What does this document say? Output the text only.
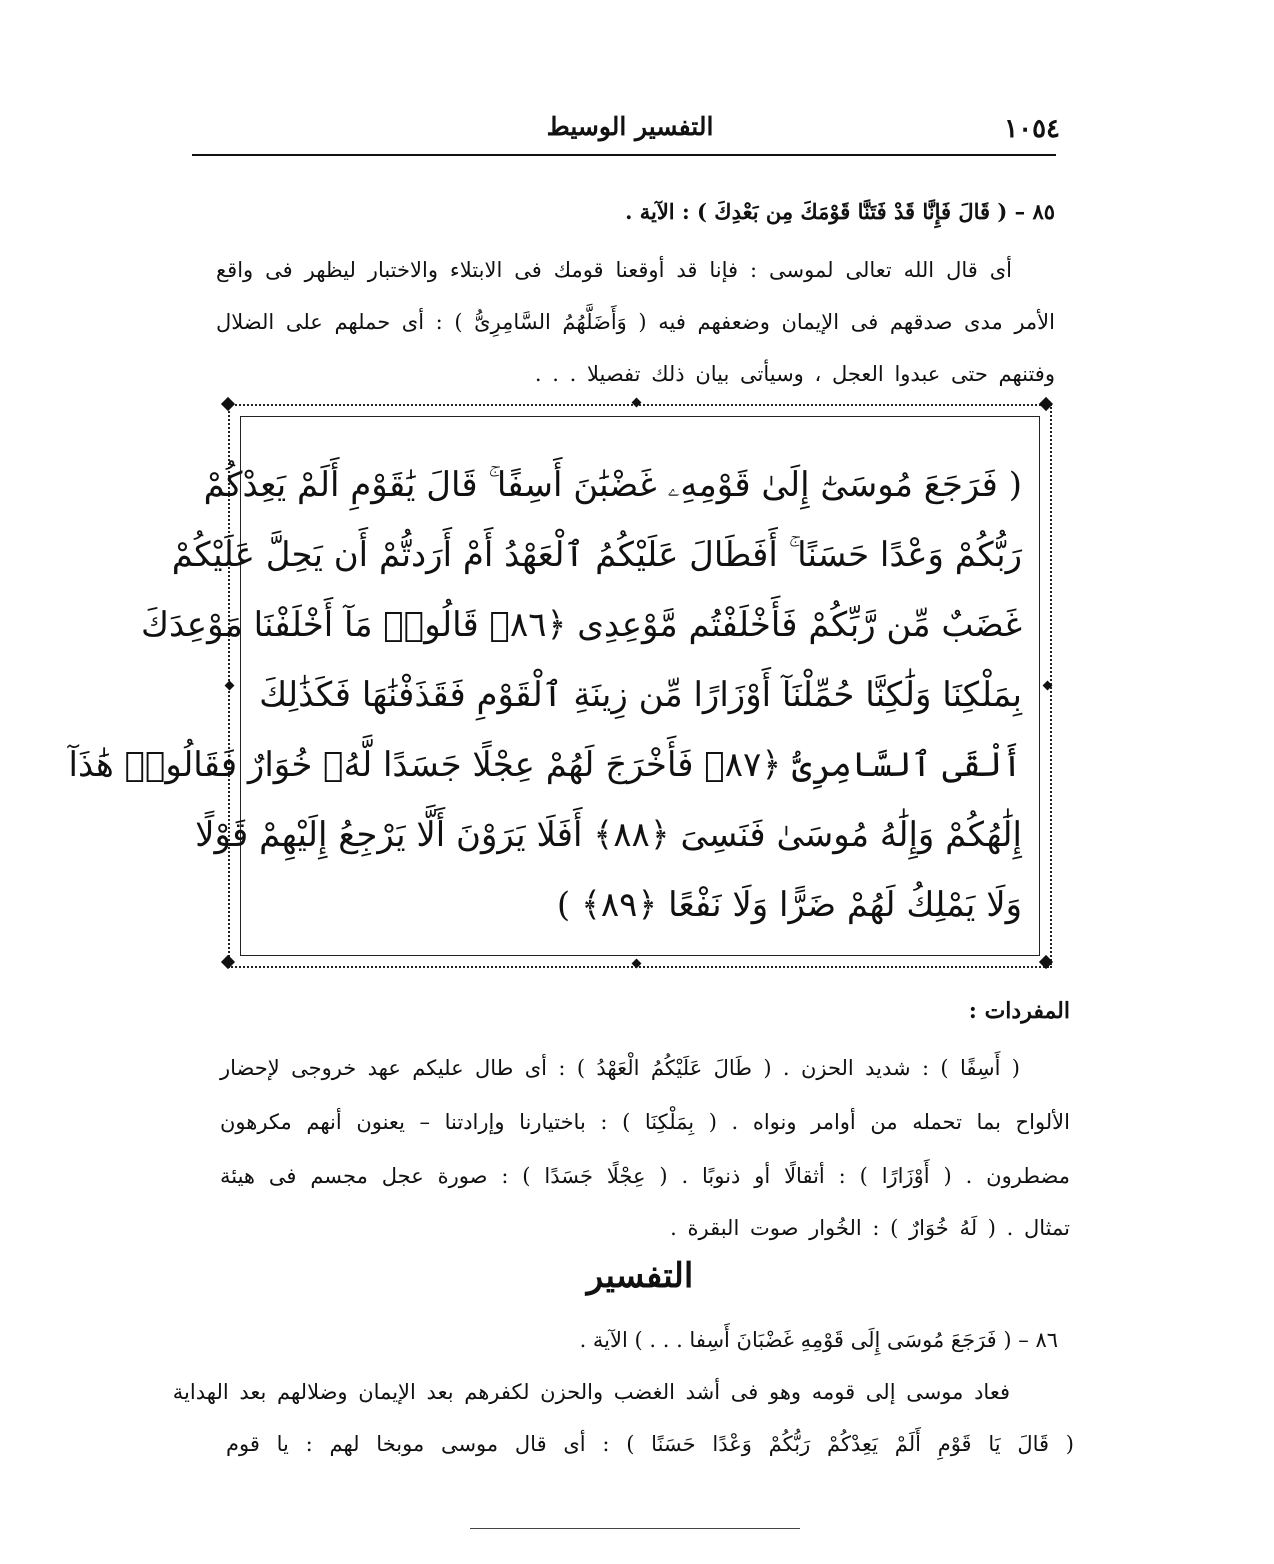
التفسير الوسيط	١٠٥٤
٨٥ – ( قَالَ فَإِنَّا قَدْ فَتَنَّا قَوْمَكَ مِن بَعْدِكَ ) : الآية .
أى قال الله تعالى لموسى : فإنا قد أوقعنا قومك فى الابتلاء والاختبار ليظهر فى واقع
الأمر مدى صدقهم فى الإيمان وضعفهم فيه ( وَأَضَلَّهُمُ السَّامِرِىُّ ) : أى حملهم على الضلال
وفتنهم حتى عبدوا العجل ، وسيأتى بيان ذلك تفصيلا . . .
( فَرَجَعَ مُوسَىٰٓ إِلَىٰ قَوْمِهِۦ غَضْبَٰنَ أَسِفًا ۚ قَالَ يَٰقَوْمِ أَلَمْ يَعِدْكُمْ
رَبُّكُمْ وَعْدًا حَسَنًا ۚ أَفَطَالَ عَلَيْكُمُ ٱلْعَهْدُ أَمْ أَرَدتُّمْ أَن يَحِلَّ عَلَيْكُمْ
غَضَبٌ مِّن رَّبِّكُمْ فَأَخْلَفْتُم مَّوْعِدِى ﴿٨٦﴾ قَالُوا۟ مَآ أَخْلَفْنَا مَوْعِدَكَ
بِمَلْكِنَا وَلَٰكِنَّا حُمِّلْنَآ أَوْزَارًا مِّن زِينَةِ ٱلْقَوْمِ فَقَذَفْنَٰهَا فَكَذَٰلِكَ
أَلْقَى ٱلسَّامِرِىُّ ﴿٨٧﴾ فَأَخْرَجَ لَهُمْ عِجْلًا جَسَدًا لَّهُۥ خُوَارٌ فَقَالُوا۟ هَٰذَآ
إِلَٰهُكُمْ وَإِلَٰهُ مُوسَىٰ فَنَسِىَ ﴿٨٨﴾ أَفَلَا يَرَوْنَ أَلَّا يَرْجِعُ إِلَيْهِمْ قَوْلًا
وَلَا يَمْلِكُ لَهُمْ ضَرًّا وَلَا نَفْعًا ﴿٨٩﴾ )
المفردات :
( أَسِفًا ) : شديد الحزن . ( طَالَ عَلَيْكُمُ الْعَهْدُ ) : أى طال عليكم عهد خروجى لإحضار
الألواح بما تحمله من أوامر ونواه . ( بِمَلْكِنَا ) : باختيارنا وإرادتنا – يعنون أنهم مكرهون
مضطرون . ( أَوْزَارًا ) : أثقالًا أو ذنوبًا . ( عِجْلًا جَسَدًا ) : صورة عجل مجسم فى هيئة
تمثال . ( لَهُ خُوَارٌ ) : الخُوار صوت البقرة .
التفسير
٨٦ – ( فَرَجَعَ مُوسَى إِلَى قَوْمِهِ غَضْبَانَ أَسِفا . . . ) الآية .
فعاد موسى إلى قومه وهو فى أشد الغضب والحزن لكفرهم بعد الإيمان وضلالهم بعد الهداية
( قَالَ يَا قَوْمِ أَلَمْ يَعِدْكُمْ رَبُّكُمْ وَعْدًا حَسَنًا ) : أى قال موسى موبخا لهم : يا قوم
